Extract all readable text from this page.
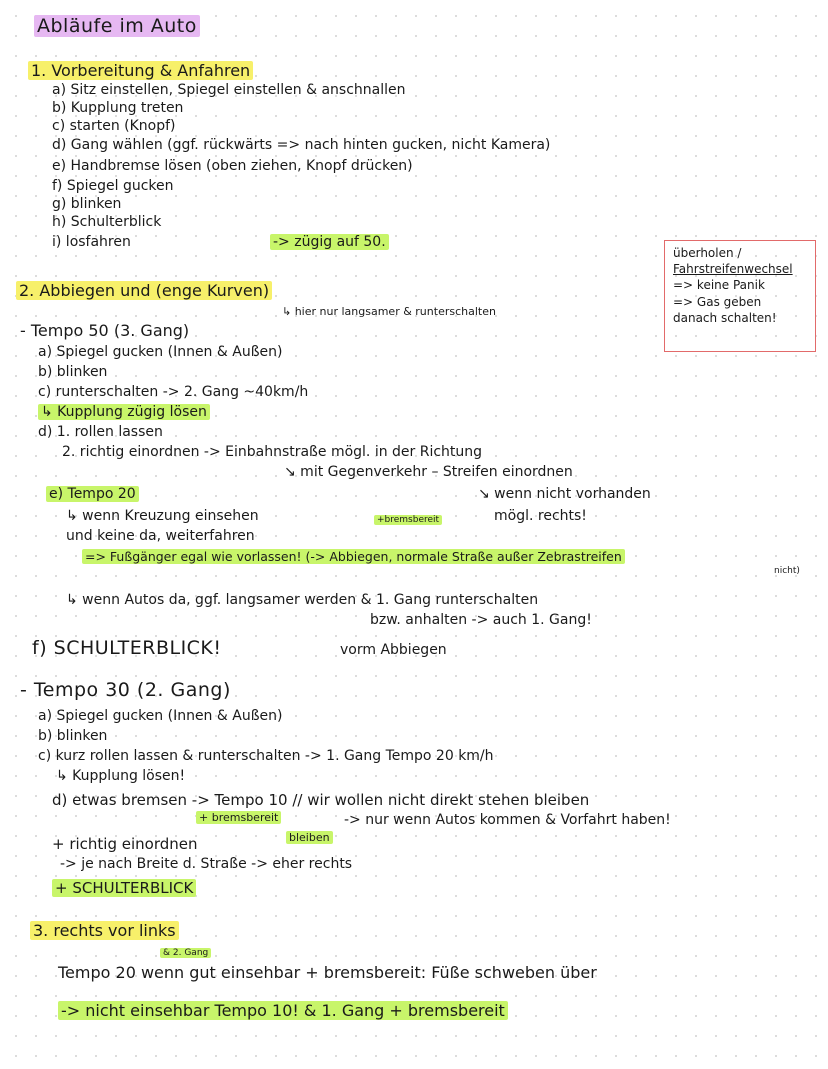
Abläufe im Auto
1. Vorbereitung & Anfahren
a) Sitz einstellen, Spiegel einstellen & anschnallen
b) Kupplung treten
c) starten (Knopf)
d) Gang wählen (ggf. rückwärts => nach hinten gucken, nicht Kamera)
e) Handbremse lösen (oben ziehen, Knopf drücken)
f) Spiegel gucken
g) blinken
h) Schulterblick
i) losfahren	-> zügig auf 50.
überholen /
Fahrstreifenwechsel
=> keine Panik
=> Gas geben
danach schalten!
2. Abbiegen und (enge Kurven)
↳ hier nur langsamer & runterschalten
- Tempo 50 (3. Gang)
a) Spiegel gucken (Innen & Außen)
b) blinken
c) runterschalten -> 2. Gang ~40km/h
↳ Kupplung zügig lösen
d) 1. rollen lassen
2. richtig einordnen -> Einbahnstraße mögl. in der Richtung
↘ mit Gegenverkehr – Streifen einordnen
↘ wenn nicht vorhanden
mögl. rechts!
e) Tempo 20
↳ wenn Kreuzung einsehen	+bremsbereit
und keine da, weiterfahren
=> Fußgänger egal wie vorlassen! (-> Abbiegen, normale Straße außer Zebrastreifen
nicht)
↳ wenn Autos da, ggf. langsamer werden & 1. Gang runterschalten
bzw. anhalten -> auch 1. Gang!
f) SCHULTERBLICK!	vorm Abbiegen
- Tempo 30 (2. Gang)
a) Spiegel gucken (Innen & Außen)
b) blinken
c) kurz rollen lassen & runterschalten -> 1. Gang Tempo 20 km/h
↳ Kupplung lösen!
d) etwas bremsen -> Tempo 10 // wir wollen nicht direkt stehen bleiben
+ bremsbereit	-> nur wenn Autos kommen & Vorfahrt haben!
bleiben
+ richtig einordnen
-> je nach Breite d. Straße -> eher rechts
+ SCHULTERBLICK
3. rechts vor links
& 2. Gang
Tempo 20 wenn gut einsehbar + bremsbereit: Füße schweben über
-> nicht einsehbar Tempo 10! & 1. Gang + bremsbereit
